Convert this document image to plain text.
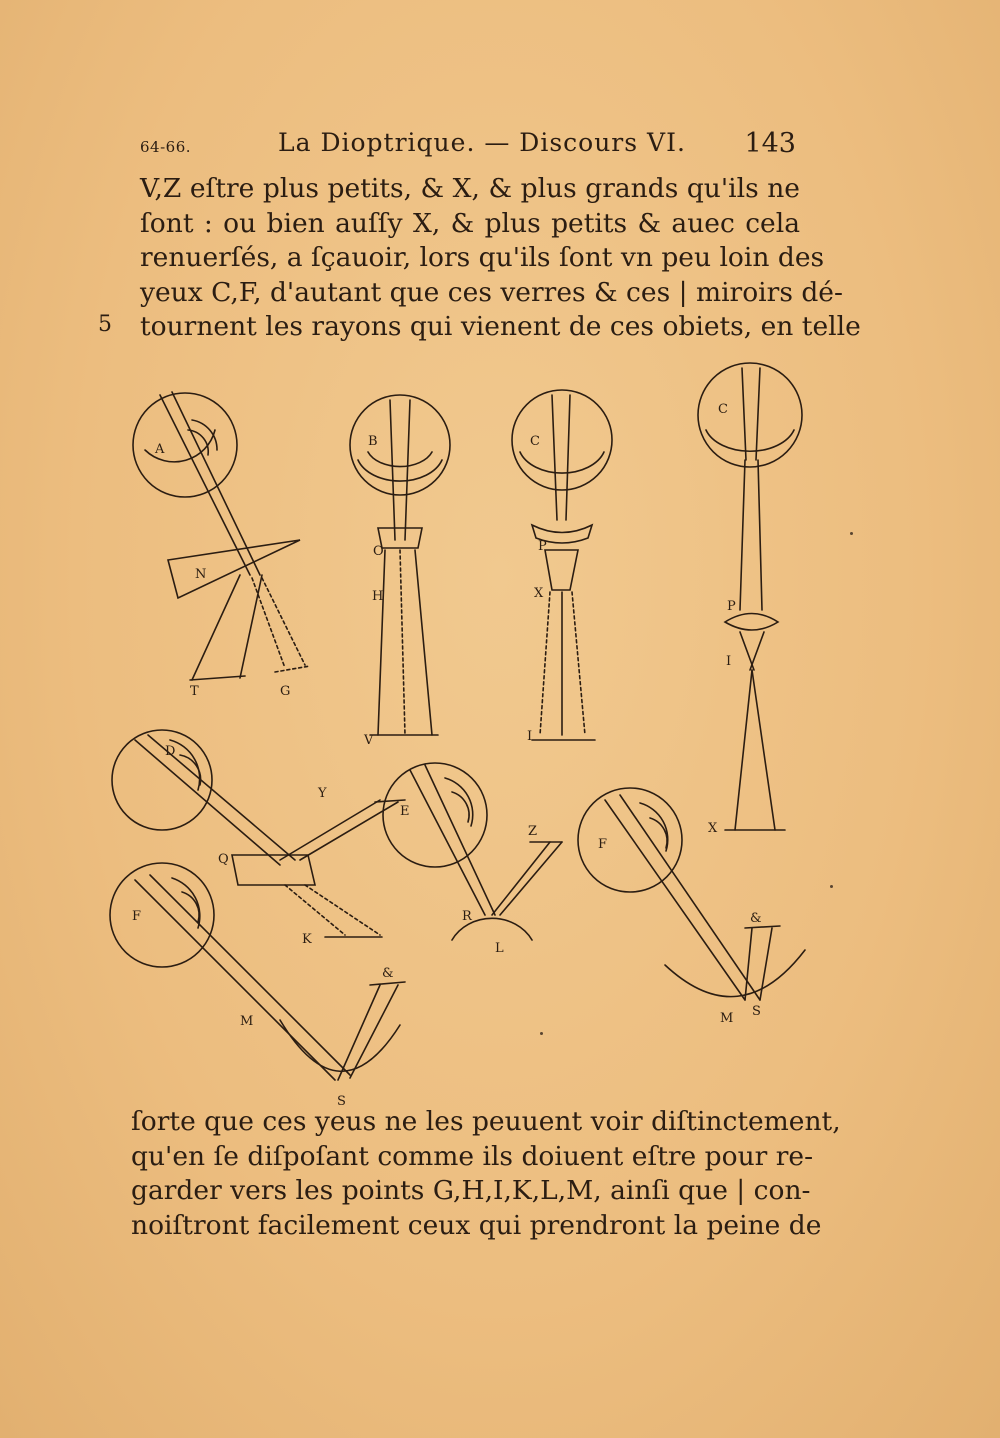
64-66.	La Dioptrique. — Discours VI. 143
V,Z eſtre plus petits, & X, & plus grands qu'ils ne
ſont : ou bien auſſy X, & plus petits & auec cela
renuerſés, a ſçauoir, lors qu'ils ſont vn peu loin des
yeux C,F, d'autant que ces verres & ces | miroirs dé-
tournent les rayons qui vienent de ces obiets, en telle
5
A
N
T	G
B
O
H
V
C
P
X
I
C
P
I
X
D
Y
Q
K
E
Z
R
L
F
&
M
S
F
&
M S
ſorte que ces yeus ne les peuuent voir diſtinctement,
qu'en ſe diſpoſant comme ils doiuent eſtre pour re-
garder vers les points G,H,I,K,L,M, ainſi que | con-
noiſtront facilement ceux qui prendront la peine de
